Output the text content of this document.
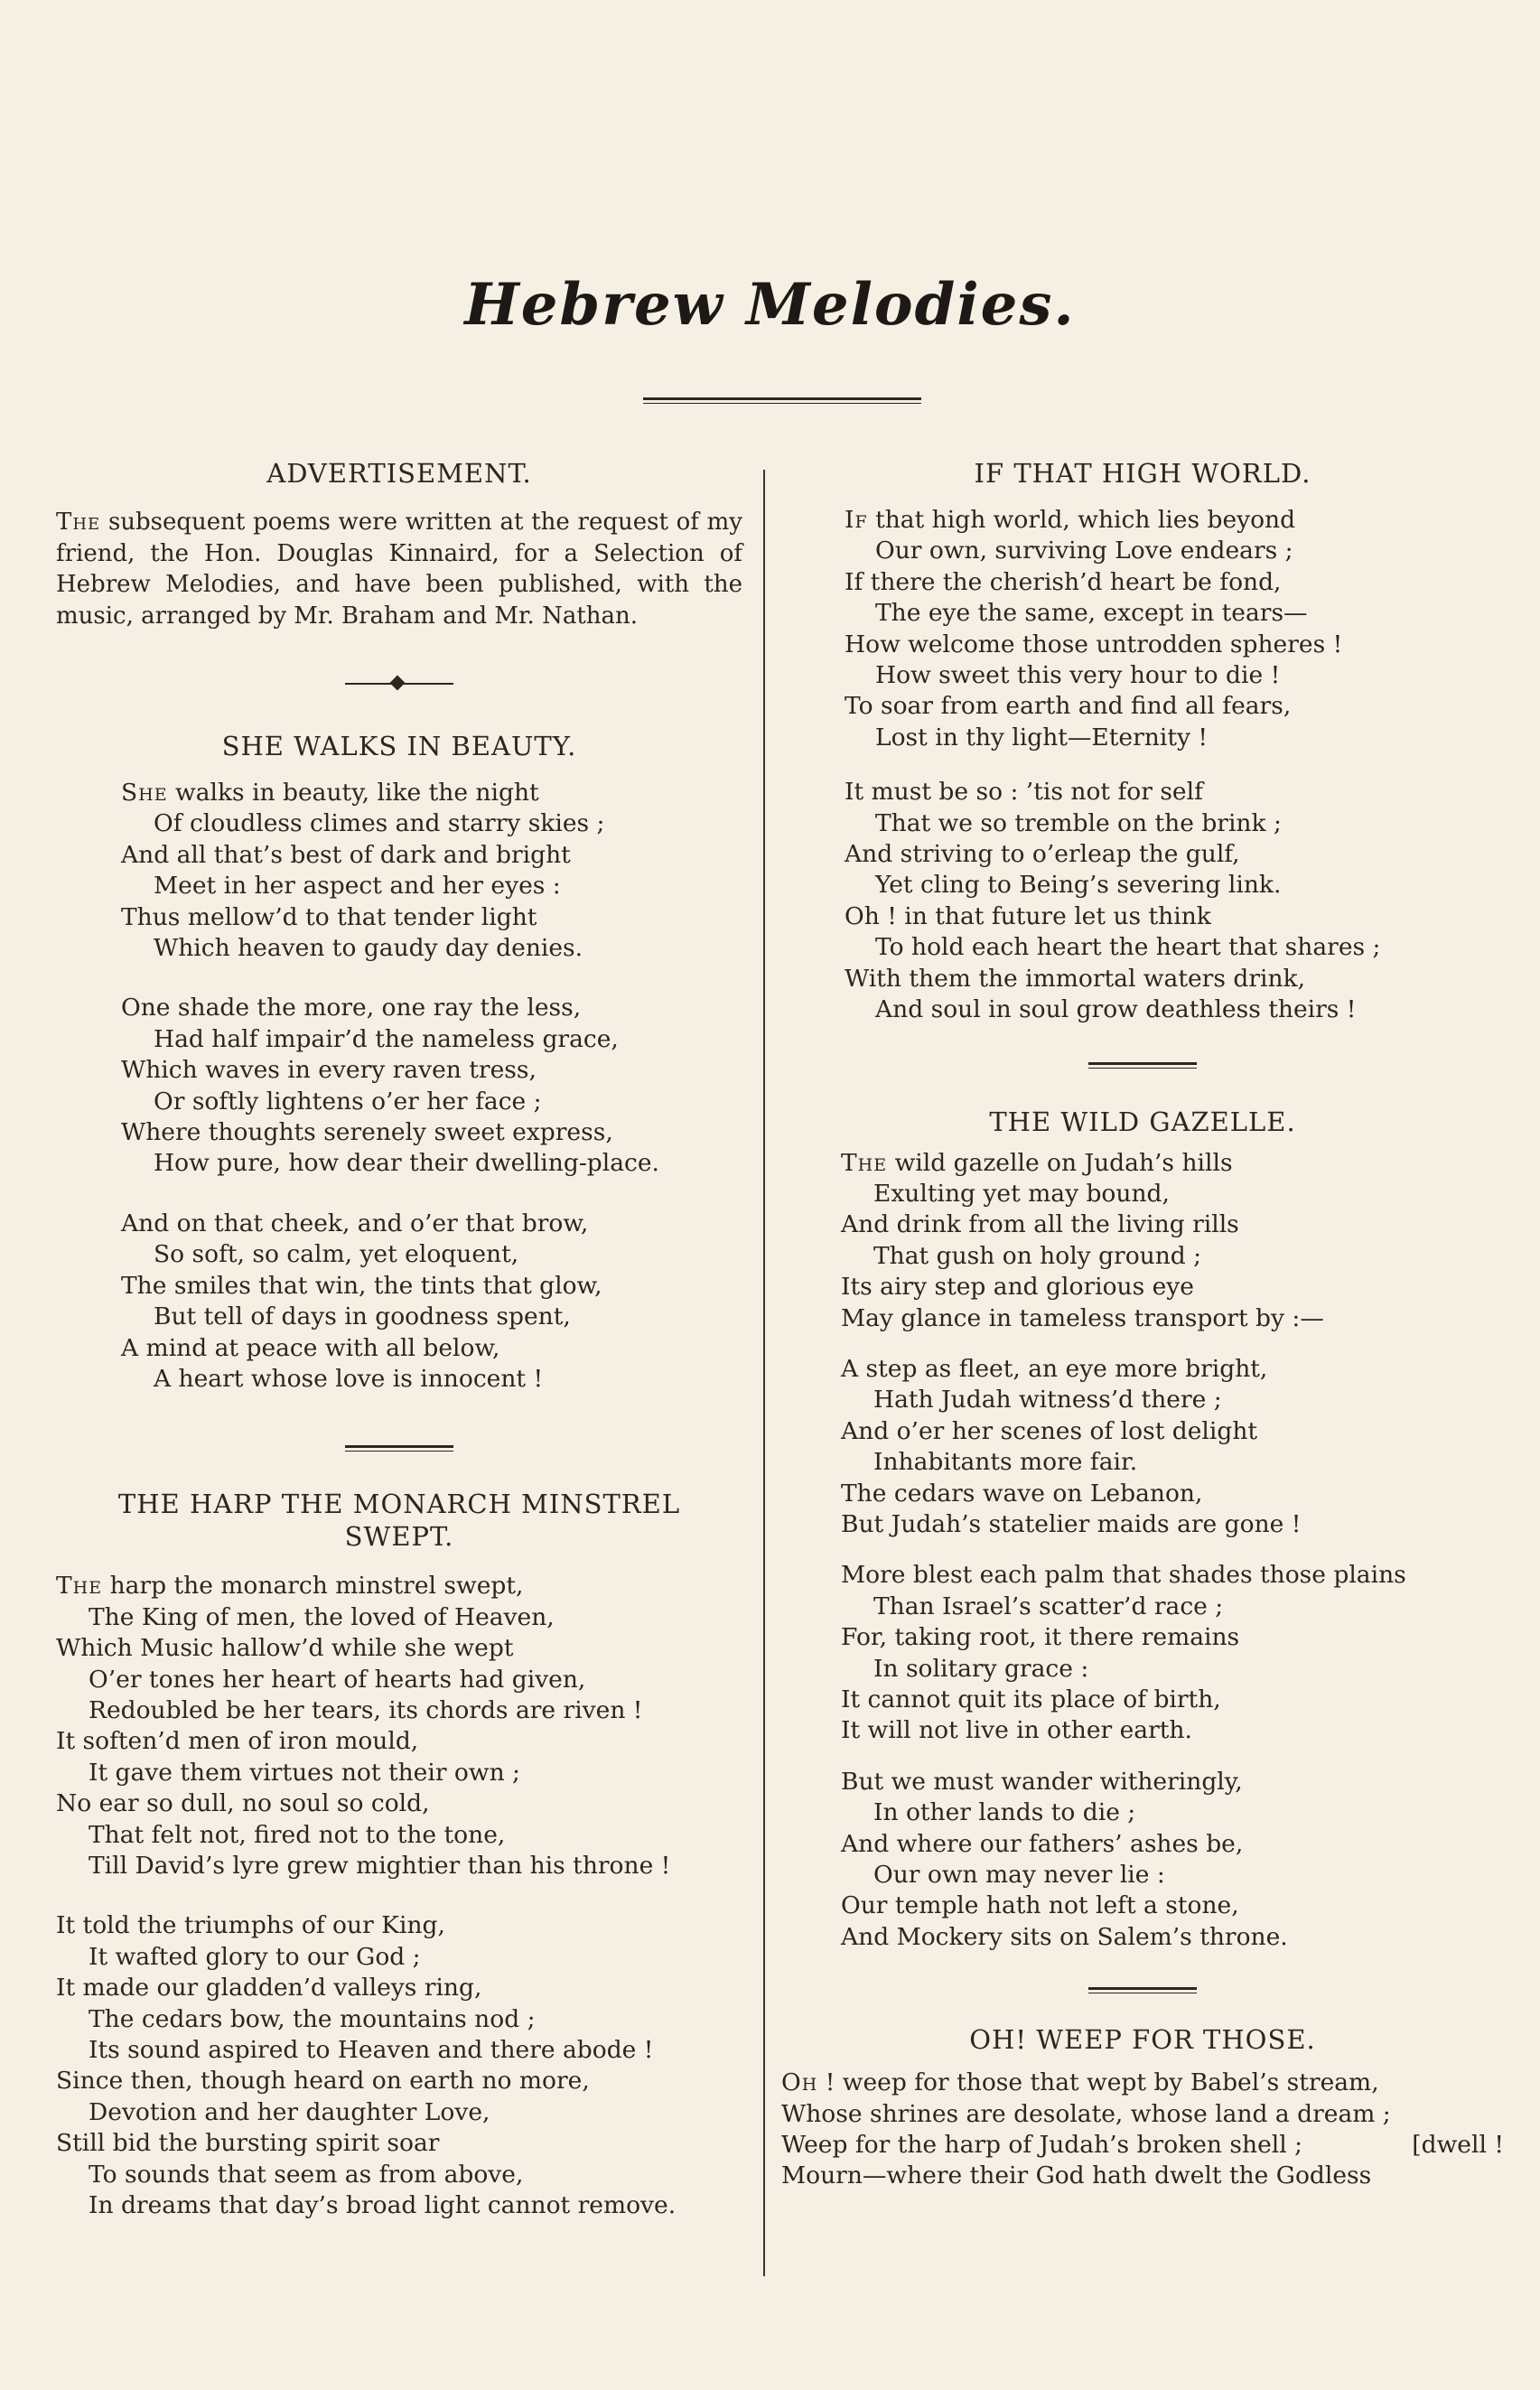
Hebrew Melodies.
ADVERTISEMENT.

The subsequent poems were written at the request of my friend, the Hon. Douglas Kinnaird, for a Selection of Hebrew Melodies, and have been published, with the music, arranged by Mr. Braham and Mr. Nathan.

SHE WALKS IN BEAUTY.

She walks in beauty, like the night

Of cloudless climes and starry skies ;

And all that’s best of dark and bright

Meet in her aspect and her eyes :

Thus mellow’d to that tender light

Which heaven to gaudy day denies.

One shade the more, one ray the less,

Had half impair’d the nameless grace,

Which waves in every raven tress,

Or softly lightens o’er her face ;

Where thoughts serenely sweet express,

How pure, how dear their dwelling-place.

And on that cheek, and o’er that brow,

So soft, so calm, yet eloquent,

The smiles that win, the tints that glow,

But tell of days in goodness spent,

A mind at peace with all below,

A heart whose love is innocent !

THE HARP THE MONARCH MINSTREL
SWEPT.

The harp the monarch minstrel swept,

The King of men, the loved of Heaven,

Which Music hallow’d while she wept

O’er tones her heart of hearts had given,

Redoubled be her tears, its chords are riven !

It soften’d men of iron mould,

It gave them virtues not their own ;

No ear so dull, no soul so cold,

That felt not, fired not to the tone,

Till David’s lyre grew mightier than his throne !

It told the triumphs of our King,

It wafted glory to our God ;

It made our gladden’d valleys ring,

The cedars bow, the mountains nod ;

Its sound aspired to Heaven and there abode !

Since then, though heard on earth no more,

Devotion and her daughter Love,

Still bid the bursting spirit soar

To sounds that seem as from above,

In dreams that day’s broad light cannot remove.

IF THAT HIGH WORLD.

If that high world, which lies beyond

Our own, surviving Love endears ;

If there the cherish’d heart be fond,

The eye the same, except in tears—

How welcome those untrodden spheres !

How sweet this very hour to die !

To soar from earth and find all fears,

Lost in thy light—Eternity !

It must be so : ’tis not for self

That we so tremble on the brink ;

And striving to o’erleap the gulf,

Yet cling to Being’s severing link.

Oh ! in that future let us think

To hold each heart the heart that shares ;

With them the immortal waters drink,

And soul in soul grow deathless theirs !

THE WILD GAZELLE.

The wild gazelle on Judah’s hills

Exulting yet may bound,

And drink from all the living rills

That gush on holy ground ;

Its airy step and glorious eye

May glance in tameless transport by :—

A step as fleet, an eye more bright,

Hath Judah witness’d there ;

And o’er her scenes of lost delight

Inhabitants more fair.

The cedars wave on Lebanon,

But Judah’s statelier maids are gone !

More blest each palm that shades those plains

Than Israel’s scatter’d race ;

For, taking root, it there remains

In solitary grace :

It cannot quit its place of birth,

It will not live in other earth.

But we must wander witheringly,

In other lands to die ;

And where our fathers’ ashes be,

Our own may never lie :

Our temple hath not left a stone,

And Mockery sits on Salem’s throne.

OH! WEEP FOR THOSE.

Oh ! weep for those that wept by Babel’s stream,

Whose shrines are desolate, whose land a dream ;

Weep for the harp of Judah’s broken shell ;	[dwell !

Mourn—where their God hath dwelt the Godless
